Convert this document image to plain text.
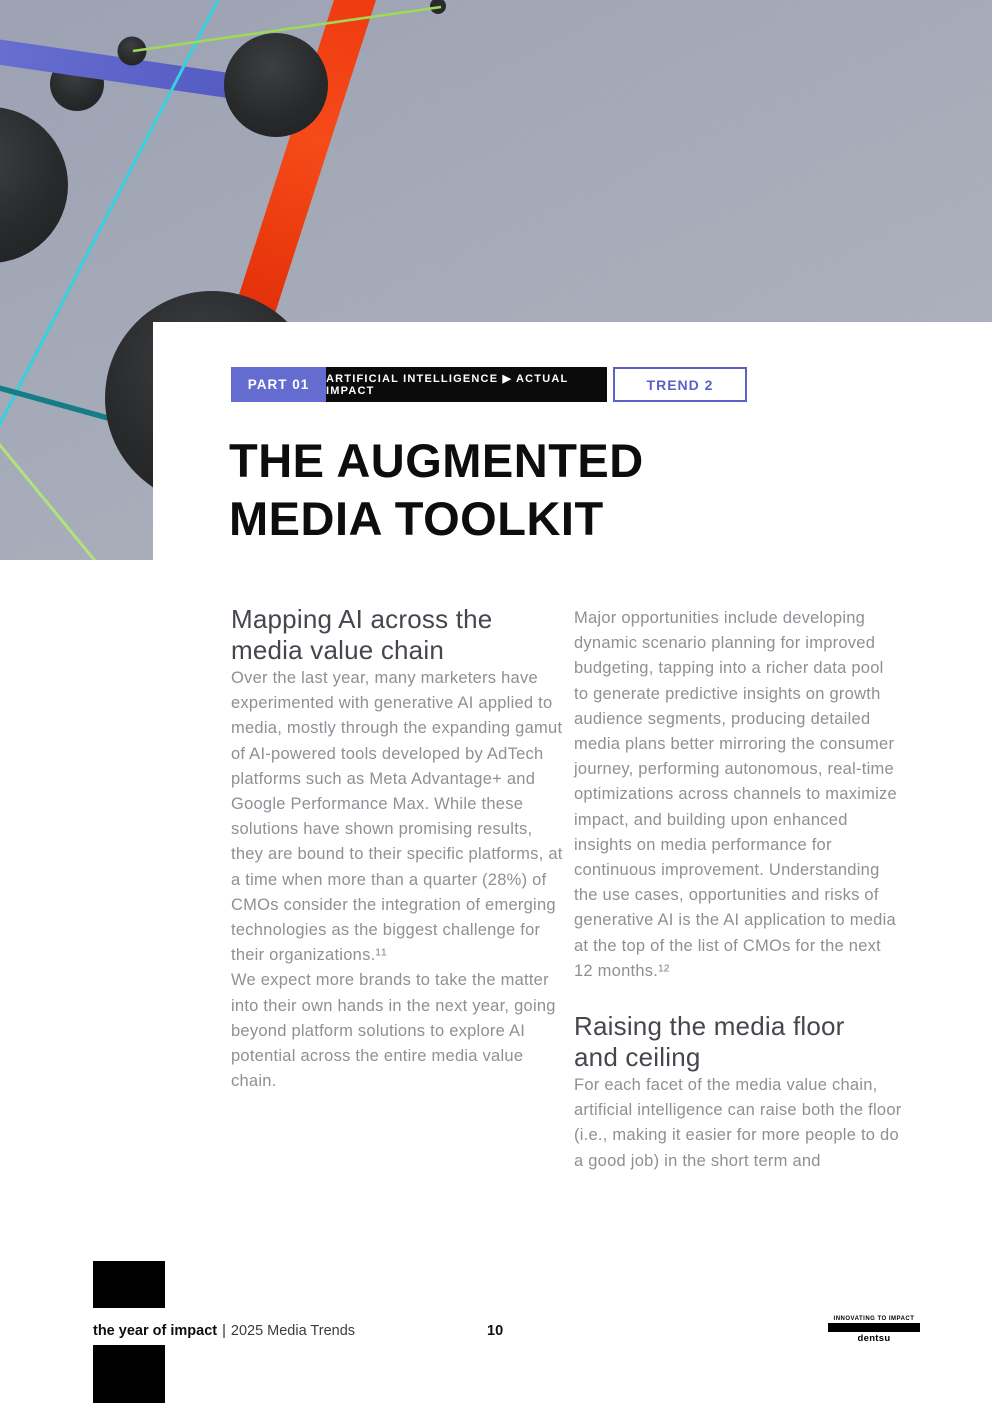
PART 01	ARTIFICIAL INTELLIGENCE ▶ ACTUAL IMPACT	TREND 2
THE AUGMENTED
MEDIA TOOLKIT
Mapping AI across the media value chain

Over the last year, many marketers have experimented with generative AI applied to media, mostly through the expanding gamut of AI-powered tools developed by AdTech platforms such as Meta Advantage+ and Google Performance Max. While these solutions have shown promising results, they are bound to their specific platforms, at a time when more than a quarter (28%) of CMOs consider the integration of emerging technologies as the biggest challenge for their organizations.¹¹

We expect more brands to take the matter into their own hands in the next year, going beyond platform solutions to explore AI potential across the entire media value chain.

Major opportunities include developing dynamic scenario planning for improved budgeting, tapping into a richer data pool to generate predictive insights on growth audience segments, producing detailed media plans better mirroring the consumer journey, performing autonomous, real-time optimizations across channels to maximize impact, and building upon enhanced insights on media performance for continuous improvement. Understanding the use cases, opportunities and risks of generative AI is the AI application to media at the top of the list of CMOs for the next 12 months.¹²

Raising the media floor and ceiling

For each facet of the media value chain, artificial intelligence can raise both the floor (i.e., making it easier for more people to do a good job) in the short term and

the year of impact | 2025 Media Trends	10
INNOVATING TO IMPACT
dentsu
